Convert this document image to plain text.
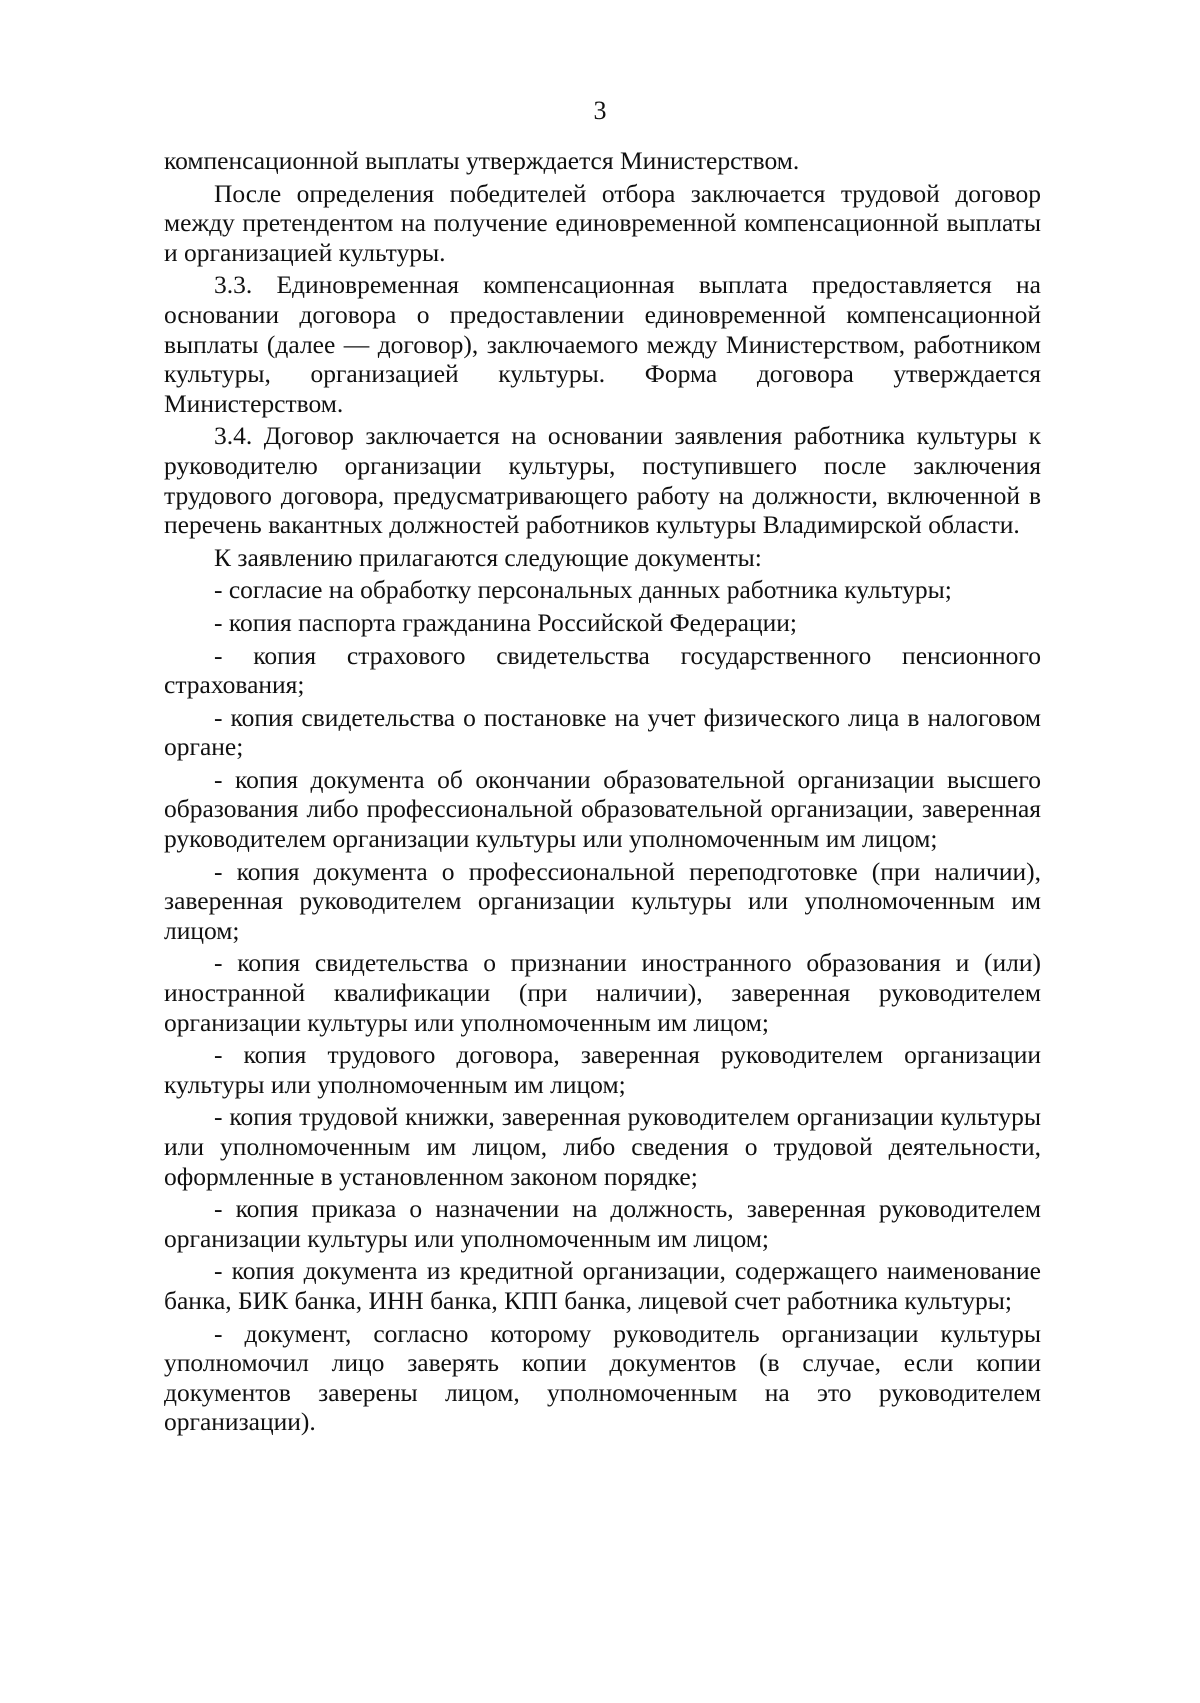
3

компенсационной выплаты утверждается Министерством.

После определения победителей отбора заключается трудовой договор между претендентом на получение единовременной компенсационной выплаты и организацией культуры.

3.3. Единовременная компенсационная выплата предоставляется на основании договора о предоставлении единовременной компенсационной выплаты (далее — договор), заключаемого между Министерством, работником культуры, организацией культуры. Форма договора утверждается Министерством.

3.4. Договор заключается на основании заявления работника культуры к руководителю организации культуры, поступившего после заключения трудового договора, предусматривающего работу на должности, включенной в перечень вакантных должностей работников культуры Владимирской области.

К заявлению прилагаются следующие документы:

- согласие на обработку персональных данных работника культуры;

- копия паспорта гражданина Российской Федерации;

- копия страхового свидетельства государственного пенсионного страхования;

- копия свидетельства о постановке на учет физического лица в налоговом органе;

- копия документа об окончании образовательной организации высшего образования либо профессиональной образовательной организации, заверенная руководителем организации культуры или уполномоченным им лицом;

- копия документа о профессиональной переподготовке (при наличии), заверенная руководителем организации культуры или уполномоченным им лицом;

- копия свидетельства о признании иностранного образования и (или) иностранной квалификации (при наличии), заверенная руководителем организации культуры или уполномоченным им лицом;

- копия трудового договора, заверенная руководителем организации культуры или уполномоченным им лицом;

- копия трудовой книжки, заверенная руководителем организации культуры или уполномоченным им лицом, либо сведения о трудовой деятельности, оформленные в установленном законом порядке;

- копия приказа о назначении на должность, заверенная руководителем организации культуры или уполномоченным им лицом;

- копия документа из кредитной организации, содержащего наименование банка, БИК банка, ИНН банка, КПП банка, лицевой счет работника культуры;

- документ, согласно которому руководитель организации культуры уполномочил лицо заверять копии документов (в случае, если копии документов заверены лицом, уполномоченным на это руководителем организации).
